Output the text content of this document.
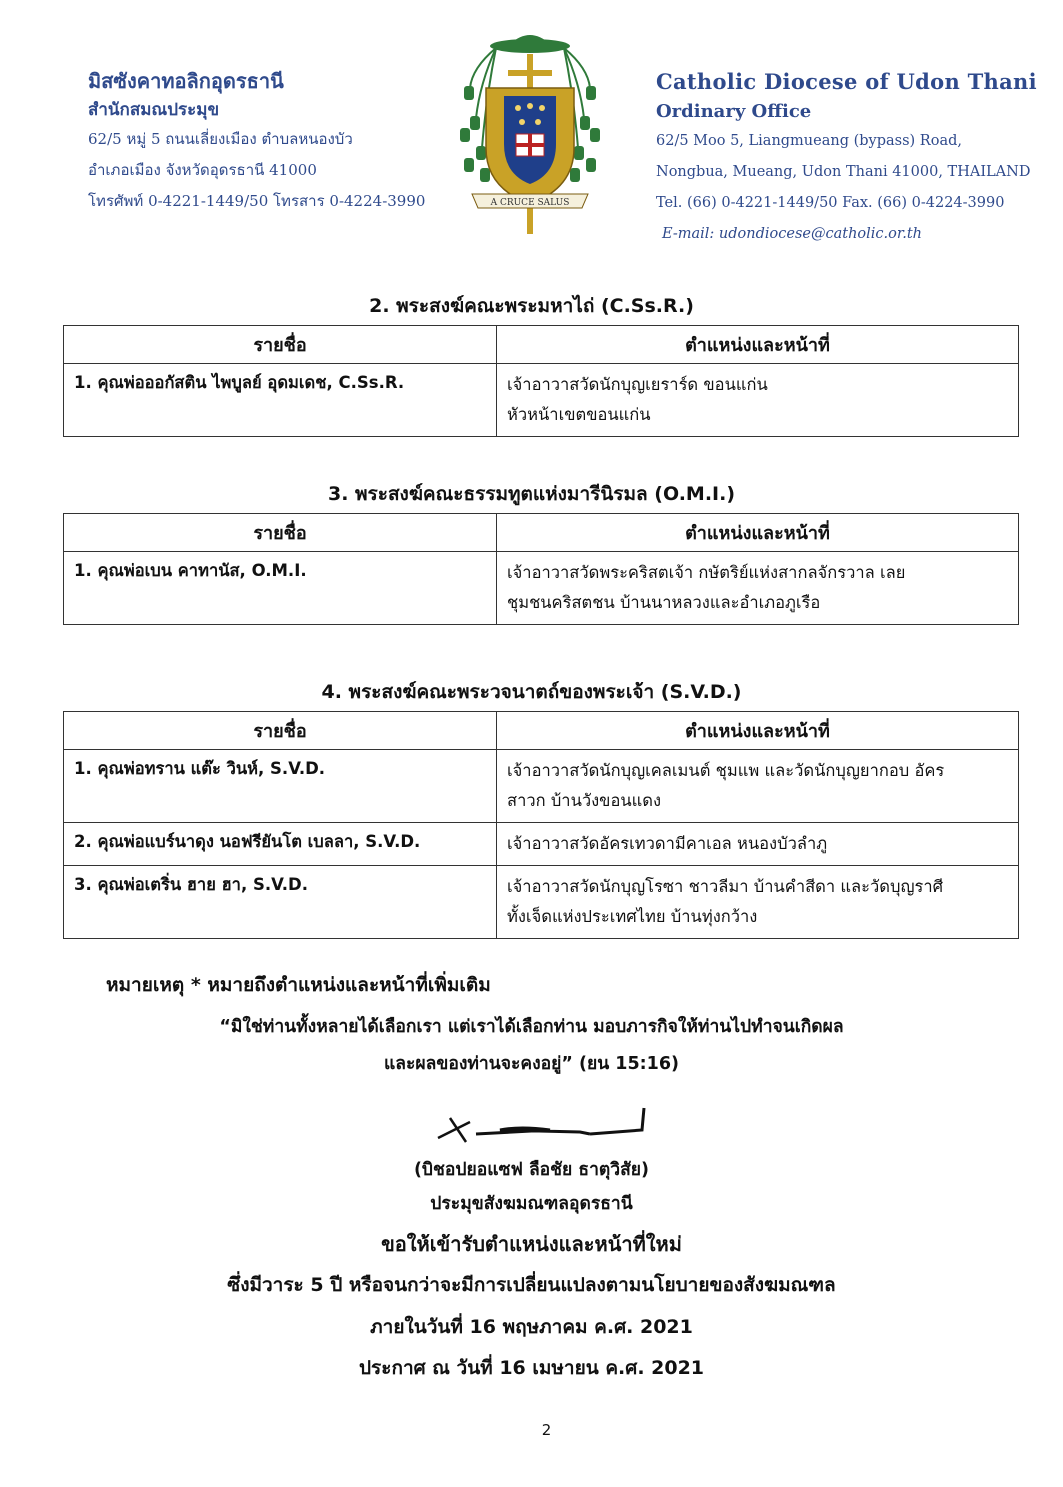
มิสซังคาทอลิกอุดรธานี
สำนักสมณประมุข
62/5 หมู่ 5 ถนนเลี่ยงเมือง ตำบลหนองบัว
อำเภอเมือง จังหวัดอุดรธานี 41000
โทรศัพท์ 0-4221-1449/50 โทรสาร 0-4224-3990	A CRUCE SALUS
Catholic Diocese of Udon Thani
Ordinary Office
62/5 Moo 5, Liangmueang (bypass) Road,
Nongbua, Mueang, Udon Thani 41000, THAILAND
Tel. (66) 0-4221-1449/50 Fax. (66) 0-4224-3990
E-mail: udondiocese@catholic.or.th
2. พระสงฆ์คณะพระมหาไถ่ (C.Ss.R.)
รายชื่อ	ตำแหน่งและหน้าที่
1. คุณพ่อออกัสติน ไพบูลย์ อุดมเดช, C.Ss.R.	เจ้าอาวาสวัดนักบุญเยราร์ด ขอนแก่น
หัวหน้าเขตขอนแก่น
3. พระสงฆ์คณะธรรมทูตแห่งมารีนิรมล (O.M.I.)
รายชื่อ	ตำแหน่งและหน้าที่
1. คุณพ่อเบน คาทานัส, O.M.I.	เจ้าอาวาสวัดพระคริสตเจ้า กษัตริย์แห่งสากลจักรวาล เลย
ชุมชนคริสตชน บ้านนาหลวงและอำเภอภูเรือ
4. พระสงฆ์คณะพระวจนาตถ์ของพระเจ้า (S.V.D.)
รายชื่อ	ตำแหน่งและหน้าที่
1. คุณพ่อทราน แต๊ะ วินห์, S.V.D.	เจ้าอาวาสวัดนักบุญเคลเมนต์ ชุมแพ และวัดนักบุญยากอบ อัคร
สาวก บ้านวังขอนแดง

2. คุณพ่อแบร์นาดุง นอฟรียันโต เบลลา, S.V.D.	เจ้าอาวาสวัดอัครเทวดามีคาเอล หนองบัวลำภู

3. คุณพ่อเตริ่น ฮาย ฮา, S.V.D.	เจ้าอาวาสวัดนักบุญโรซา ชาวลีมา บ้านคำสีดา และวัดบุญราศี
ทั้งเจ็ดแห่งประเทศไทย บ้านทุ่งกว้าง
หมายเหตุ * หมายถึงตำแหน่งและหน้าที่เพิ่มเติม
“มิใช่ท่านทั้งหลายได้เลือกเรา แต่เราได้เลือกท่าน มอบภารกิจให้ท่านไปทำจนเกิดผล
และผลของท่านจะคงอยู่” (ยน 15:16)
(บิชอปยอแซฟ ลือชัย ธาตุวิสัย)
ประมุขสังฆมณฑลอุดรธานี
ขอให้เข้ารับตำแหน่งและหน้าที่ใหม่
ซึ่งมีวาระ 5 ปี หรือจนกว่าจะมีการเปลี่ยนแปลงตามนโยบายของสังฆมณฑล
ภายในวันที่ 16 พฤษภาคม ค.ศ. 2021
ประกาศ ณ วันที่ 16 เมษายน ค.ศ. 2021
2
